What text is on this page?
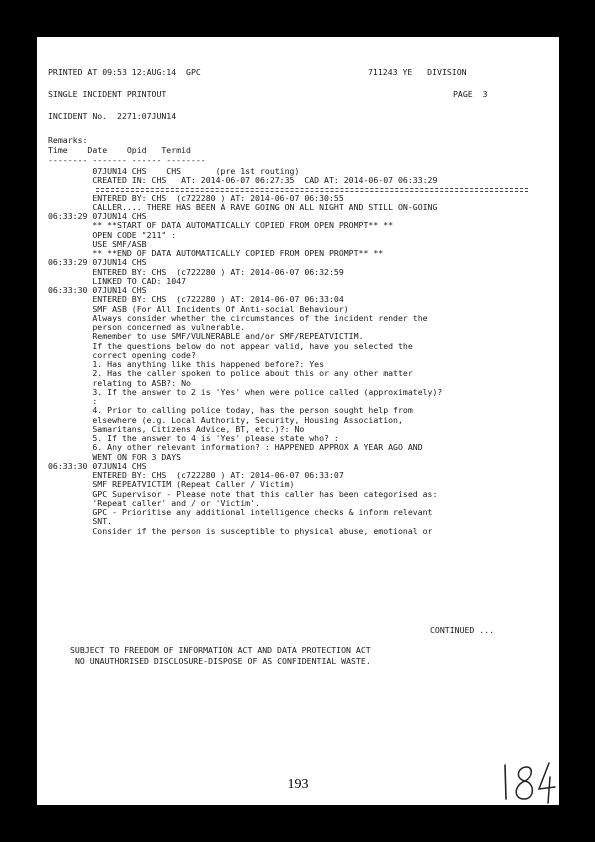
PRINTED AT 09:53 12:AUG:14  GPC	711243 YE   DIVISION
SINGLE INCIDENT PRINTOUT	PAGE  3
INCIDENT No.  2271:07JUN14
Remarks:
Time    Date    Opid   Termid
-------- ------- ------ --------
07JUN14 CHS    CHS       (pre 1st routing)
CREATED IN: CHS   AT: 2014-06-07 06:27:35  CAD AT: 2014-06-07 06:33:29
ENTERED BY: CHS  (c722280 ) AT: 2014-06-07 06:30:55
CALLER.... THERE HAS BEEN A RAVE GOING ON ALL NIGHT AND STILL ON-GOING
06:33:29 07JUN14 CHS
** **START OF DATA AUTOMATICALLY COPIED FROM OPEN PROMPT** **
OPEN CODE "211" :
USE SMF/ASB
** **END OF DATA AUTOMATICALLY COPIED FROM OPEN PROMPT** **
06:33:29 07JUN14 CHS
ENTERED BY: CHS  (c722280 ) AT: 2014-06-07 06:32:59
LINKED TO CAD: 1047
06:33:30 07JUN14 CHS
ENTERED BY: CHS  (c722280 ) AT: 2014-06-07 06:33:04
SMF ASB (For All Incidents Of Anti-social Behaviour)
Always consider whether the circumstances of the incident render the
person concerned as vulnerable.
Remember to use SMF/VULNERABLE and/or SMF/REPEATVICTIM.
If the questions below do not appear valid, have you selected the
correct opening code?
1. Has anything like this happened before?: Yes
2. Has the caller spoken to police about this or any other matter
relating to ASB?: No
3. If the answer to 2 is 'Yes' when were police called (approximately)?
:
4. Prior to calling police today, has the person sought help from
elsewhere (e.g. Local Authority, Security, Housing Association,
Samaritans, Citizens Advice, BT, etc.)?: No
5. If the answer to 4 is 'Yes' please state who? :
6. Any other relevant information? : HAPPENED APPROX A YEAR AGO AND
WENT ON FOR 3 DAYS
06:33:30 07JUN14 CHS
ENTERED BY: CHS  (c722280 ) AT: 2014-06-07 06:33:07
SMF REPEATVICTIM (Repeat Caller / Victim)
GPC Supervisor - Please note that this caller has been categorised as:
'Repeat caller' and / or 'Victim'.
GPC - Prioritise any additional intelligence checks & inform relevant
SNT.
Consider if the person is susceptible to physical abuse, emotional or
CONTINUED ...
SUBJECT TO FREEDOM OF INFORMATION ACT AND DATA PROTECTION ACT
NO UNAUTHORISED DISCLOSURE-DISPOSE OF AS CONFIDENTIAL WASTE.
193
